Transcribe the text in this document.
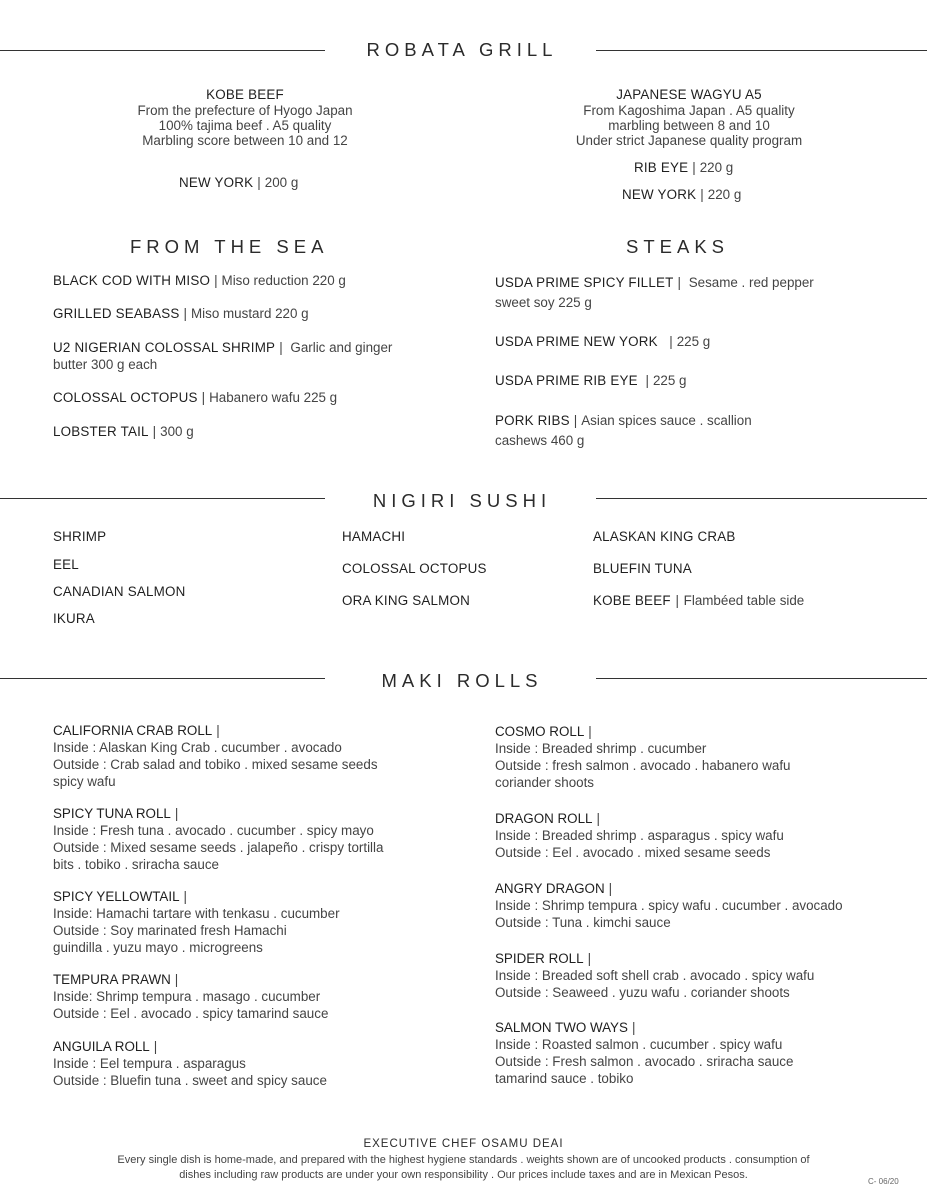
ROBATA GRILL
KOBE BEEF
From the prefecture of Hyogo Japan
100% tajima beef . A5 quality
Marbling score between 10 and 12
NEW YORK | 200 g
JAPANESE WAGYU A5
From Kagoshima Japan . A5 quality
marbling between 8 and 10
Under strict Japanese quality program
RIB EYE | 220 g
NEW YORK | 220 g
FROM THE SEA
BLACK COD WITH MISO | Miso reduction 220 g
GRILLED SEABASS | Miso mustard 220 g
U2 NIGERIAN COLOSSAL SHRIMP | Garlic and ginger
butter 300 g each
COLOSSAL OCTOPUS | Habanero wafu 225 g
LOBSTER TAIL | 300 g
STEAKS
USDA PRIME SPICY FILLET | Sesame . red pepper
sweet soy 225 g
USDA PRIME NEW YORK | 225 g
USDA PRIME RIB EYE | 225 g
PORK RIBS | Asian spices sauce . scallion
cashews 460 g
NIGIRI SUSHI
SHRIMP
EEL
CANADIAN SALMON
IKURA
HAMACHI
COLOSSAL OCTOPUS
ORA KING SALMON
ALASKAN KING CRAB
BLUEFIN TUNA
KOBE BEEF | Flambéed table side
MAKI ROLLS
CALIFORNIA CRAB ROLL |
Inside : Alaskan King Crab . cucumber . avocado
Outside : Crab salad and tobiko . mixed sesame seeds
spicy wafu
SPICY TUNA ROLL |
Inside : Fresh tuna . avocado . cucumber . spicy mayo
Outside : Mixed sesame seeds . jalapeño . crispy tortilla
bits . tobiko . sriracha sauce
SPICY YELLOWTAIL |
Inside: Hamachi tartare with tenkasu . cucumber
Outside : Soy marinated fresh Hamachi
guindilla . yuzu mayo . microgreens
TEMPURA PRAWN |
Inside: Shrimp tempura . masago . cucumber
Outside : Eel . avocado . spicy tamarind sauce
ANGUILA ROLL |
Inside : Eel tempura . asparagus
Outside : Bluefin tuna . sweet and spicy sauce
COSMO ROLL |
Inside : Breaded shrimp . cucumber
Outside : fresh salmon . avocado . habanero wafu
coriander shoots
DRAGON ROLL |
Inside : Breaded shrimp . asparagus . spicy wafu
Outside : Eel . avocado . mixed sesame seeds
ANGRY DRAGON |
Inside : Shrimp tempura . spicy wafu . cucumber . avocado
Outside : Tuna . kimchi sauce
SPIDER ROLL |
Inside : Breaded soft shell crab . avocado . spicy wafu
Outside : Seaweed . yuzu wafu . coriander shoots
SALMON TWO WAYS |
Inside : Roasted salmon . cucumber . spicy wafu
Outside : Fresh salmon . avocado . sriracha sauce
tamarind sauce . tobiko
EXECUTIVE CHEF OSAMU DEAI
Every single dish is home-made, and prepared with the highest hygiene standards . weights shown are of uncooked products . consumption of
dishes including raw products are under your own responsibility . Our prices include taxes and are in Mexican Pesos.
C- 06/20
